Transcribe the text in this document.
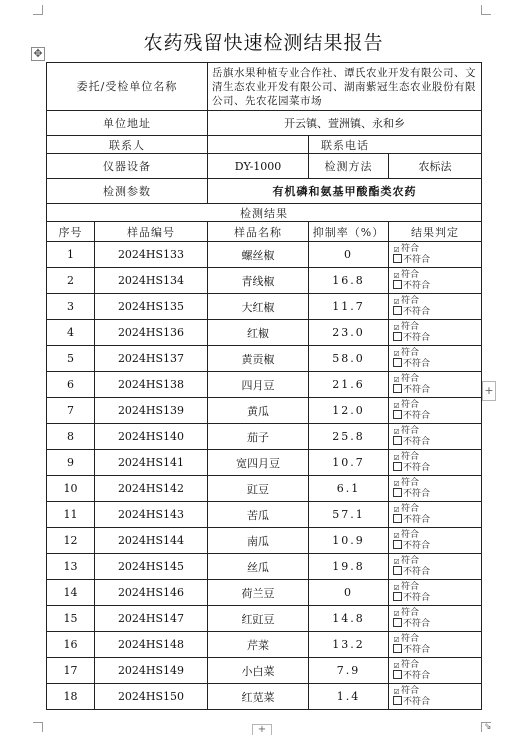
✥
+
+	⇘
农药残留快速检测结果报告
委托/受检单位名称		岳旗水果种植专业合作社、谭氏农业开发有限公司、文清生态农业开发有限公司、湖南紫冠生态农业股份有限公司、先农花园菜市场		
单位地址		开云镇、萱洲镇、永和乡		
联系人			联系电话	
仪器设备		DY-1000	检测方法	农标法
检测参数		有机磷和氨基甲酸酯类农药		
检测结果				
序号	样品编号	样品名称	抑制率（%）	结果判定
1	2024HS133	螺丝椒	0	☑符合
不符合

2	2024HS134	青线椒	16.8	☑符合
不符合

3	2024HS135	大红椒	11.7	☑符合
不符合

4	2024HS136	红椒	23.0	☑符合
不符合

5	2024HS137	黄贡椒	58.0	☑符合
不符合

6	2024HS138	四月豆	21.6	☑符合
不符合

7	2024HS139	黄瓜	12.0	☑符合
不符合

8	2024HS140	茄子	25.8	☑符合
不符合

9	2024HS141	宽四月豆	10.7	☑符合
不符合

10	2024HS142	豇豆	6.1	☑符合
不符合

11	2024HS143	苦瓜	57.1	☑符合
不符合

12	2024HS144	南瓜	10.9	☑符合
不符合

13	2024HS145	丝瓜	19.8	☑符合
不符合

14	2024HS146	荷兰豆	0	☑符合
不符合

15	2024HS147	红豇豆	14.8	☑符合
不符合

16	2024HS148	芹菜	13.2	☑符合
不符合

17	2024HS149	小白菜	7.9	☑符合
不符合

18	2024HS150	红苋菜	1.4	☑符合
不符合
